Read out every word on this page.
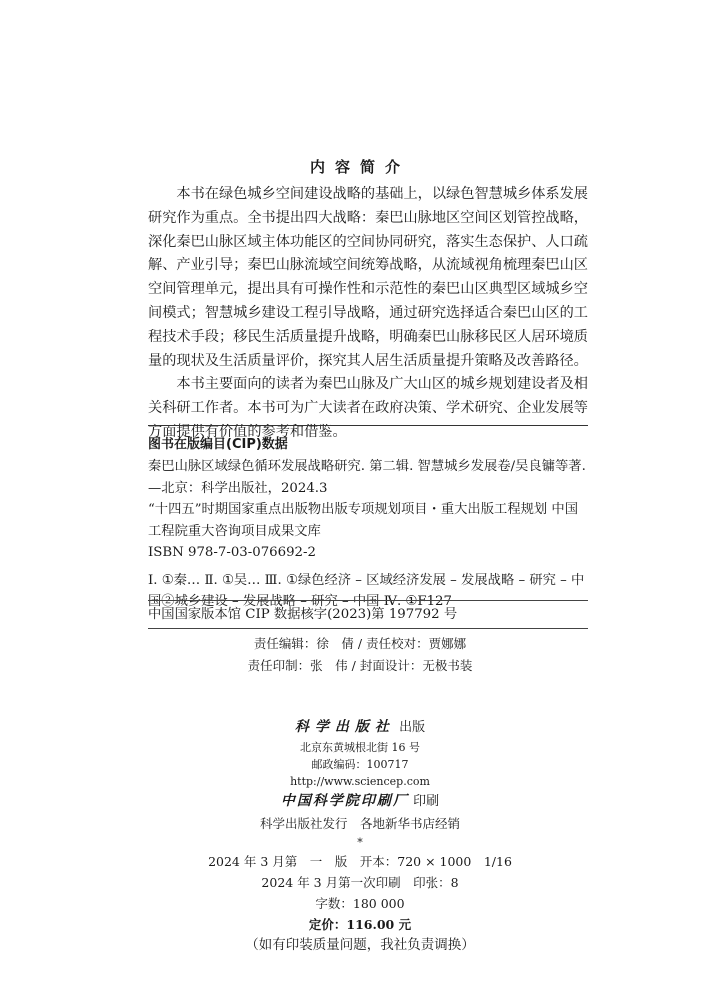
内容简介

本书在绿色城乡空间建设战略的基础上，以绿色智慧城乡体系发展研究作为重点。全书提出四大战略：秦巴山脉地区空间区划管控战略，深化秦巴山脉区域主体功能区的空间协同研究，落实生态保护、人口疏解、产业引导；秦巴山脉流域空间统筹战略，从流域视角梳理秦巴山区空间管理单元，提出具有可操作性和示范性的秦巴山区典型区域城乡空间模式；智慧城乡建设工程引导战略，通过研究选择适合秦巴山区的工程技术手段；移民生活质量提升战略，明确秦巴山脉移民区人居环境质量的现状及生活质量评价，探究其人居生活质量提升策略及改善路径。

本书主要面向的读者为秦巴山脉及广大山区的城乡规划建设者及相关科研工作者。本书可为广大读者在政府决策、学术研究、企业发展等方面提供有价值的参考和借鉴。

图书在版编目(CIP)数据

秦巴山脉区域绿色循环发展战略研究. 第二辑. 智慧城乡发展卷/吴良镛等著. —北京：科学出版社，2024.3

“十四五”时期国家重点出版物出版专项规划项目・重大出版工程规划 中国工程院重大咨询项目成果文库

ISBN 978-7-03-076692-2

Ⅰ. ①秦… Ⅱ. ①吴… Ⅲ. ①绿色经济 – 区域经济发展 – 发展战略 – 研究 – 中国②城乡建设 – 发展战略 – 研究 – 中国 Ⅳ. ①F127

中国国家版本馆 CIP 数据核字(2023)第 197792 号
责任编辑：徐　倩 / 责任校对：贾娜娜
责任印制：张　伟 / 封面设计：无极书装
科学出版社 出版
北京东黄城根北街 16 号
邮政编码：100717
http://www.sciencep.com
中国科学院印刷厂 印刷
科学出版社发行　各地新华书店经销
*
2024 年 3 月第　一　版　开本：720 × 1000　1/16
2024 年 3 月第一次印刷　印张：8
字数：180 000
定价：116.00 元
（如有印装质量问题，我社负责调换）
